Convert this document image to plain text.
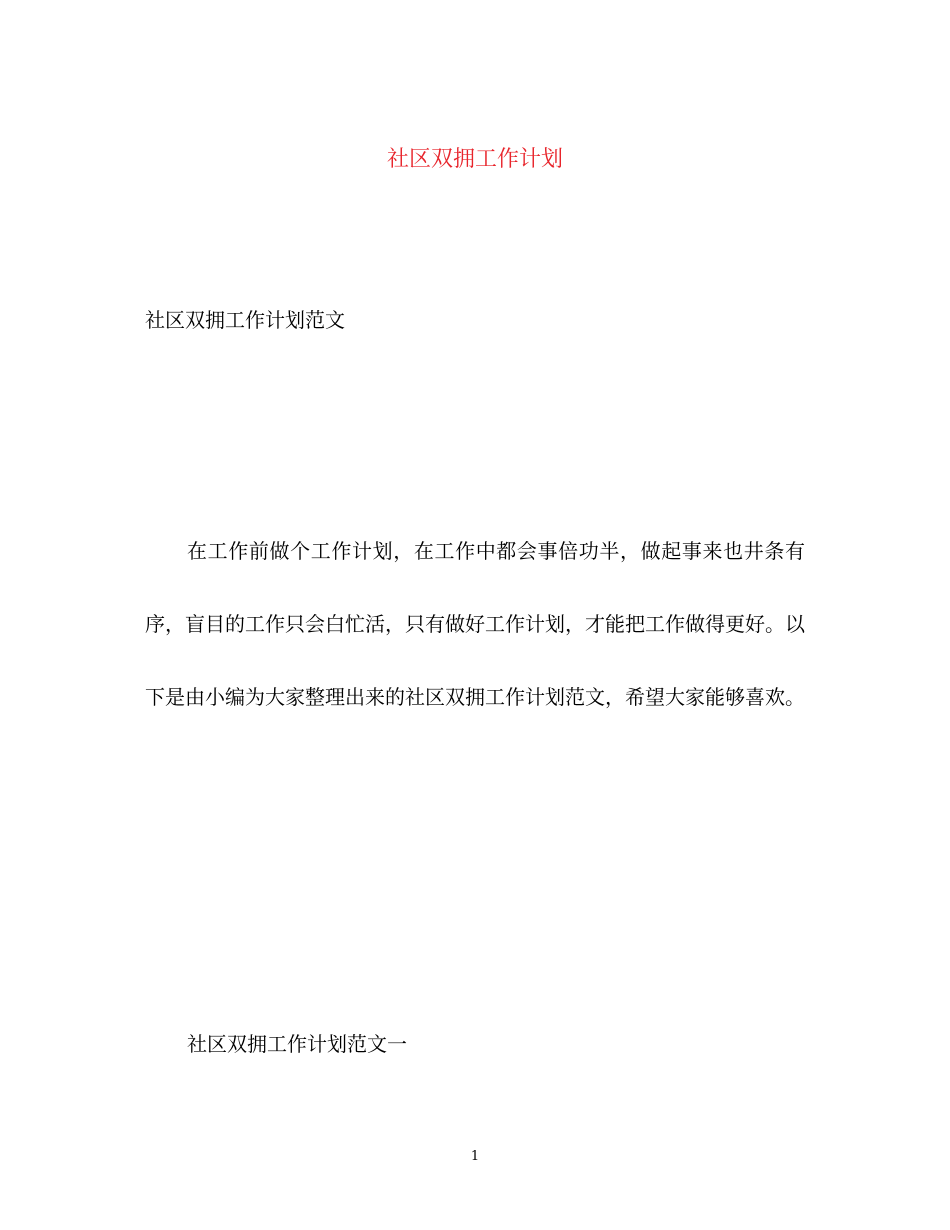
社区双拥工作计划

社区双拥工作计划范文

在工作前做个工作计划，在工作中都会事倍功半，做起事来也井条有序，盲目的工作只会白忙活，只有做好工作计划，才能把工作做得更好。以下是由小编为大家整理出来的社区双拥工作计划范文，希望大家能够喜欢。

社区双拥工作计划范文一

1
